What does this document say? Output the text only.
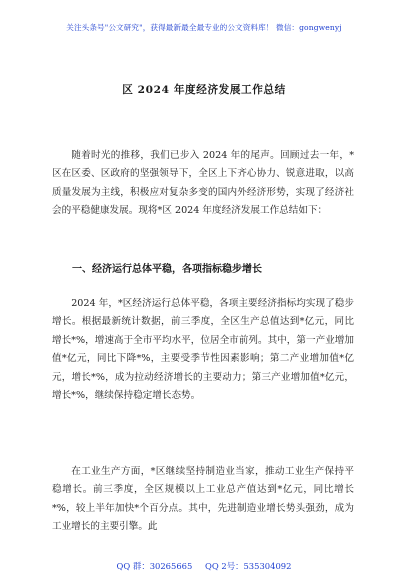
关注头条号"公文研究"，获得最新最全最专业的公文资料库！ 微信：gongwenyj
区 2024 年度经济发展工作总结

随着时光的推移，我们已步入 2024 年的尾声。回顾过去一年，*区在区委、区政府的坚强领导下，全区上下齐心协力、锐意进取，以高质量发展为主线，积极应对复杂多变的国内外经济形势，实现了经济社会的平稳健康发展。现将*区 2024 年度经济发展工作总结如下：

一、经济运行总体平稳，各项指标稳步增长

2024 年，*区经济运行总体平稳，各项主要经济指标均实现了稳步增长。根据最新统计数据，前三季度，全区生产总值达到*亿元，同比增长*%，增速高于全市平均水平，位居全市前列。其中，第一产业增加值*亿元，同比下降*%，主要受季节性因素影响；第二产业增加值*亿元，增长*%，成为拉动经济增长的主要动力；第三产业增加值*亿元，增长*%，继续保持稳定增长态势。

在工业生产方面，*区继续坚持制造业当家，推动工业生产保持平稳增长。前三季度，全区规模以上工业总产值达到*亿元，同比增长*%，较上半年加快*个百分点。其中，先进制造业增长势头强劲，成为工业增长的主要引擎。此

QQ 群：30265665 QQ 2号：535304092
